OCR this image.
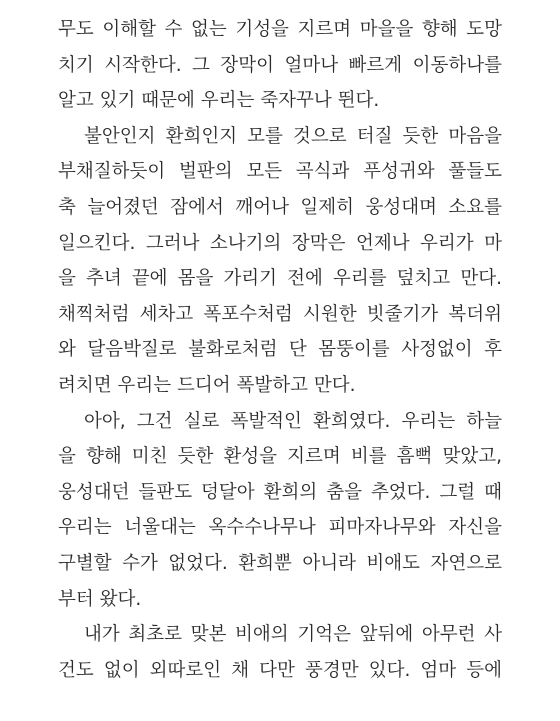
무도 이해할 수 없는 기성을 지르며 마을을 향해 도망
치기 시작한다. 그 장막이 얼마나 빠르게 이동하나를
알고 있기 때문에 우리는 죽자꾸나 뛴다.
불안인지 환희인지 모를 것으로 터질 듯한 마음을
부채질하듯이 벌판의 모든 곡식과 푸성귀와 풀들도
축 늘어졌던 잠에서 깨어나 일제히 웅성대며 소요를
일으킨다. 그러나 소나기의 장막은 언제나 우리가 마
을 추녀 끝에 몸을 가리기 전에 우리를 덮치고 만다.
채찍처럼 세차고 폭포수처럼 시원한 빗줄기가 복더위
와 달음박질로 불화로처럼 단 몸뚱이를 사정없이 후
려치면 우리는 드디어 폭발하고 만다.
아아, 그건 실로 폭발적인 환희였다. 우리는 하늘
을 향해 미친 듯한 환성을 지르며 비를 흠뻑 맞았고,
웅성대던 들판도 덩달아 환희의 춤을 추었다. 그럴 때
우리는 너울대는 옥수수나무나 피마자나무와 자신을
구별할 수가 없었다. 환희뿐 아니라 비애도 자연으로
부터 왔다.
내가 최초로 맞본 비애의 기억은 앞뒤에 아무런 사
건도 없이 외따로인 채 다만 풍경만 있다. 엄마 등에
